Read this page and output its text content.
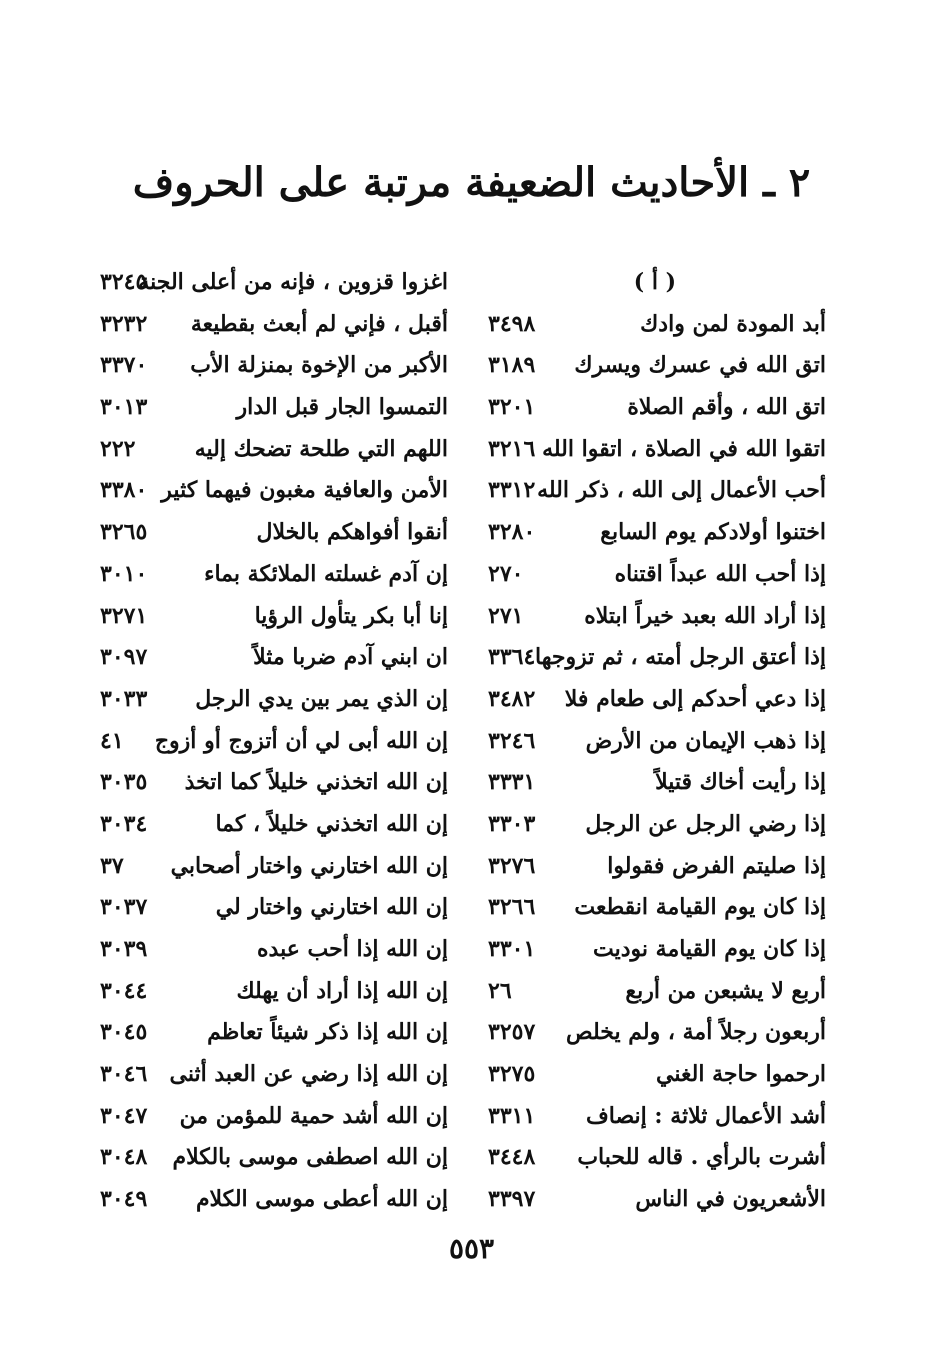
٢ ـ الأحاديث الضعيفة مرتبة على الحروف
( أ )
أبد المودة لمن وادك
٣٤٩٨
اتق الله في عسرك ويسرك
٣١٨٩
اتق الله ، وأقم الصلاة
٣٢٠١
اتقوا الله في الصلاة ، اتقوا الله
٣٢١٦
أحب الأعمال إلى الله ، ذكر الله
٣٣١٢
اختنوا أولادكم يوم السابع
٣٢٨٠
إذا أحب الله عبداً اقتناه
٢٧٠
إذا أراد الله بعبد خيراً ابتلاه
٢٧١
إذا أعتق الرجل أمته ، ثم تزوجها
٣٣٦٤
إذا دعي أحدكم إلى طعام فلا
٣٤٨٢
إذا ذهب الإيمان من الأرض
٣٢٤٦
إذا رأيت أخاك قتيلاً
٣٣٣١
إذا رضي الرجل عن الرجل
٣٣٠٣
إذا صليتم الفرض فقولوا
٣٢٧٦
إذا كان يوم القيامة انقطعت
٣٢٦٦
إذا كان يوم القيامة نوديت
٣٣٠١
أربع لا يشبعن من أربع
٢٦
أربعون رجلاً أمة ، ولم يخلص
٣٢٥٧
ارحموا حاجة الغني
٣٢٧٥
أشد الأعمال ثلاثة : إنصاف
٣٣١١
أشرت بالرأي . قاله للحباب
٣٤٤٨
الأشعريون في الناس
٣٣٩٧
اغزوا قزوين ، فإنه من أعلى الجنة
٣٢٤٥
أقبل ، فإني لم أبعث بقطيعة
٣٢٣٢
الأكبر من الإخوة بمنزلة الأب
٣٣٧٠
التمسوا الجار قبل الدار
٣٠١٣
اللهم التي طلحة تضحك إليه
٢٢٢
الأمن والعافية مغبون فيهما كثير
٣٣٨٠
أنقوا أفواهكم بالخلال
٣٢٦٥
إن آدم غسلته الملائكة بماء
٣٠١٠
إنا أبا بكر يتأول الرؤيا
٣٢٧١
ان ابني آدم ضربا مثلاً
٣٠٩٧
إن الذي يمر بين يدي الرجل
٣٠٣٣
إن الله أبى لي أن أتزوج أو أزوج
٤١
إن الله اتخذني خليلاً كما اتخذ
٣٠٣٥
إن الله اتخذني خليلاً ، كما
٣٠٣٤
إن الله اختارني واختار أصحابي
٣٧
إن الله اختارني واختار لي
٣٠٣٧
إن الله إذا أحب عبده
٣٠٣٩
إن الله إذا أراد أن يهلك
٣٠٤٤
إن الله إذا ذكر شيئاً تعاظم
٣٠٤٥
إن الله إذا رضي عن العبد أثنى
٣٠٤٦
إن الله أشد حمية للمؤمن من
٣٠٤٧
إن الله اصطفى موسى بالكلام
٣٠٤٨
إن الله أعطى موسى الكلام
٣٠٤٩
٥٥٣
